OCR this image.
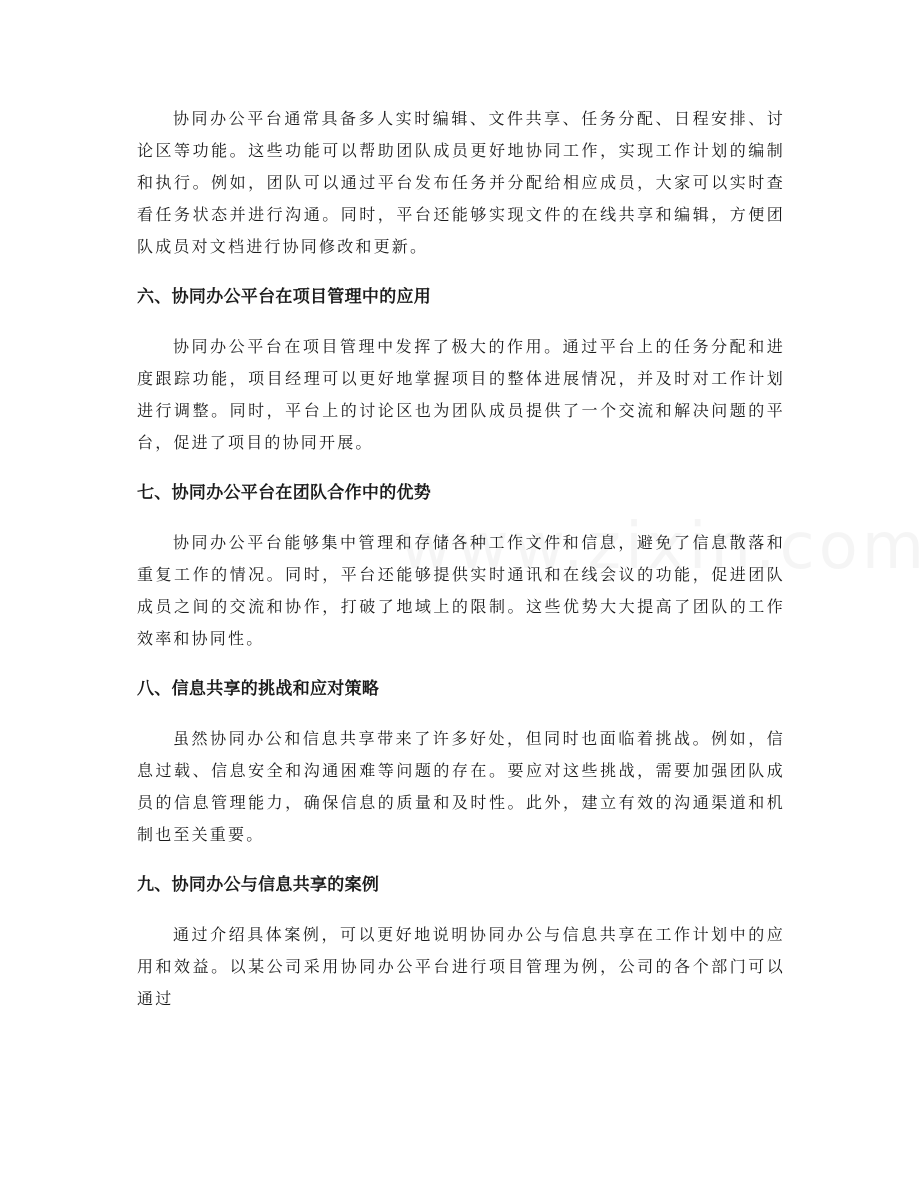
协同办公平台通常具备多人实时编辑、文件共享、任务分配、日程安排、讨论区等功能。这些功能可以帮助团队成员更好地协同工作，实现工作计划的编制和执行。例如，团队可以通过平台发布任务并分配给相应成员，大家可以实时查看任务状态并进行沟通。同时，平台还能够实现文件的在线共享和编辑，方便团队成员对文档进行协同修改和更新。

六、协同办公平台在项目管理中的应用

协同办公平台在项目管理中发挥了极大的作用。通过平台上的任务分配和进度跟踪功能，项目经理可以更好地掌握项目的整体进展情况，并及时对工作计划进行调整。同时，平台上的讨论区也为团队成员提供了一个交流和解决问题的平台，促进了项目的协同开展。

七、协同办公平台在团队合作中的优势

协同办公平台能够集中管理和存储各种工作文件和信息，避免了信息散落和重复工作的情况。同时，平台还能够提供实时通讯和在线会议的功能，促进团队成员之间的交流和协作，打破了地域上的限制。这些优势大大提高了团队的工作效率和协同性。

八、信息共享的挑战和应对策略

虽然协同办公和信息共享带来了许多好处，但同时也面临着挑战。例如，信息过载、信息安全和沟通困难等问题的存在。要应对这些挑战，需要加强团队成员的信息管理能力，确保信息的质量和及时性。此外，建立有效的沟通渠道和机制也至关重要。

九、协同办公与信息共享的案例

通过介绍具体案例，可以更好地说明协同办公与信息共享在工作计划中的应用和效益。以某公司采用协同办公平台进行项目管理为例，公司的各个部门可以通过
